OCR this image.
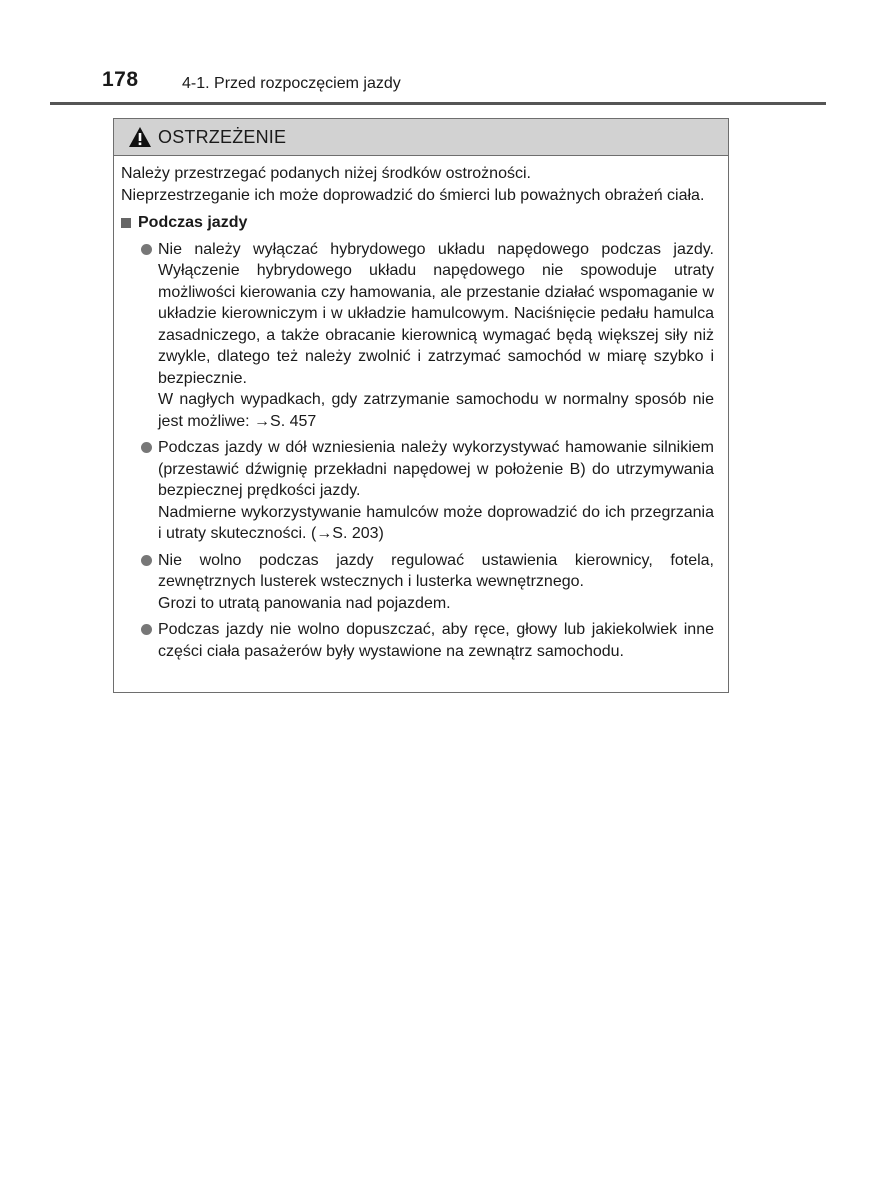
178	4-1. Przed rozpoczęciem jazdy
OSTRZEŻENIE

Należy przestrzegać podanych niżej środków ostrożności.

Nieprzestrzeganie ich może doprowadzić do śmierci lub poważnych obrażeń ciała.

Podczas jazdy

Nie należy wyłączać hybrydowego układu napędowego podczas jazdy. Wyłączenie hybrydowego układu napędowego nie spowoduje utraty możliwości kierowania czy hamowania, ale przestanie działać wspomaganie w układzie kierowniczym i w układzie hamulcowym. Naciśnięcie pedału hamulca zasadniczego, a także obracanie kierownicą wymagać będą większej siły niż zwykle, dlatego też należy zwolnić i zatrzymać samochód w miarę szybko i bezpiecznie.

W nagłych wypadkach, gdy zatrzymanie samochodu w normalny sposób nie jest możliwe: →S. 457

Podczas jazdy w dół wzniesienia należy wykorzystywać hamowanie silnikiem (przestawić dźwignię przekładni napędowej w położenie B) do utrzymywania bezpiecznej prędkości jazdy.

Nadmierne wykorzystywanie hamulców może doprowadzić do ich przegrzania i utraty skuteczności. (→S. 203)

Nie wolno podczas jazdy regulować ustawienia kierownicy, fotela, zewnętrznych lusterek wstecznych i lusterka wewnętrznego.

Grozi to utratą panowania nad pojazdem.

Podczas jazdy nie wolno dopuszczać, aby ręce, głowy lub jakiekolwiek inne części ciała pasażerów były wystawione na zewnątrz samochodu.
